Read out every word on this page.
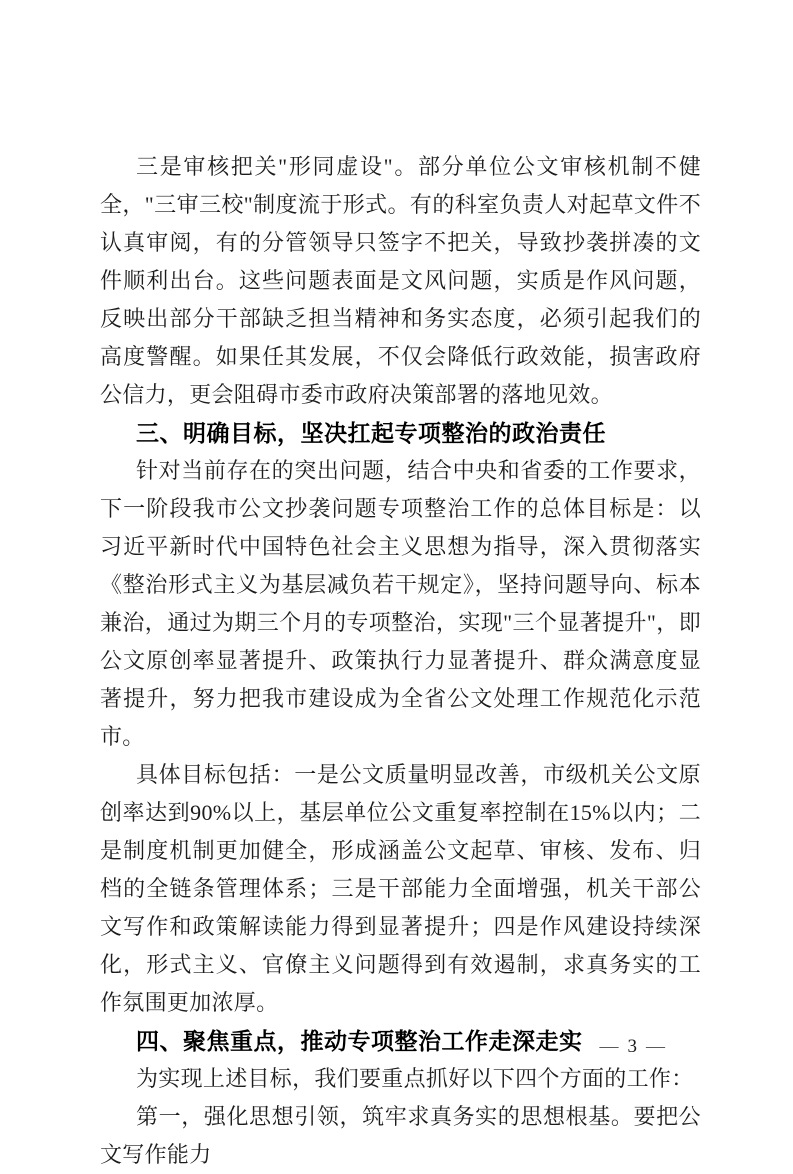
三是审核把关"形同虚设"。部分单位公文审核机制不健全，"三审三校"制度流于形式。有的科室负责人对起草文件不认真审阅，有的分管领导只签字不把关，导致抄袭拼凑的文件顺利出台。这些问题表面是文风问题，实质是作风问题，反映出部分干部缺乏担当精神和务实态度，必须引起我们的高度警醒。如果任其发展，不仅会降低行政效能，损害政府公信力，更会阻碍市委市政府决策部署的落地见效。

三、明确目标，坚决扛起专项整治的政治责任

针对当前存在的突出问题，结合中央和省委的工作要求，下一阶段我市公文抄袭问题专项整治工作的总体目标是：以习近平新时代中国特色社会主义思想为指导，深入贯彻落实《整治形式主义为基层减负若干规定》，坚持问题导向、标本兼治，通过为期三个月的专项整治，实现"三个显著提升"，即公文原创率显著提升、政策执行力显著提升、群众满意度显著提升，努力把我市建设成为全省公文处理工作规范化示范市。

具体目标包括：一是公文质量明显改善，市级机关公文原创率达到90%以上，基层单位公文重复率控制在15%以内；二是制度机制更加健全，形成涵盖公文起草、审核、发布、归档的全链条管理体系；三是干部能力全面增强，机关干部公文写作和政策解读能力得到显著提升；四是作风建设持续深化，形式主义、官僚主义问题得到有效遏制，求真务实的工作氛围更加浓厚。

四、聚焦重点，推动专项整治工作走深走实

为实现上述目标，我们要重点抓好以下四个方面的工作：

第一，强化思想引领，筑牢求真务实的思想根基。要把公文写作能力

— 3 —
